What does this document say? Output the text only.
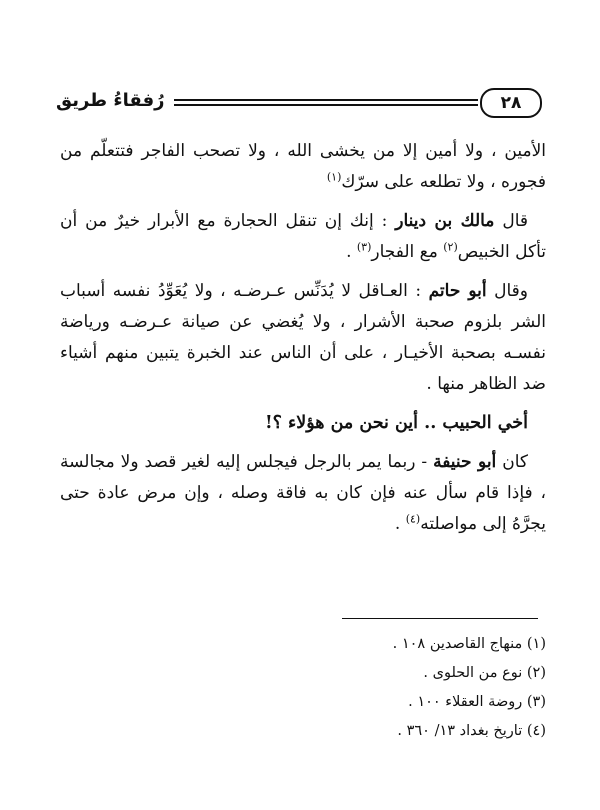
٢٨
رُفقاءُ طريق

الأمين ، ولا أمين إلا من يخشى الله ، ولا تصحب الفاجر فتتعلّم من فجوره ، ولا تطلعه على سرّك$^{(١)}$

قال مالك بن دينار : إنك إن تنقل الحجارة مع الأبرار خيرٌ من أن تأكل الخبيص$^{(٢)}$ مع الفجار$^{(٣)}$ .

وقال أبو حاتم : العـاقل لا يُدَنِّس عـرضـه ، ولا يُعَوِّدُ نفسه أسباب الشر بلزوم صحبة الأشرار ، ولا يُغضي عن صيانة عـرضـه ورياضة نفسـه بصحبة الأخيـار ، على أن الناس عند الخبرة يتبين منهم أشياء ضد الظاهر منها .

أخي الحبيب .. أين نحن من هؤلاء ؟!

كان أبو حنيفة - ربما يمر بالرجل فيجلس إليه لغير قصد ولا مجالسة ، فإذا قام سأل عنه فإن كان به فاقة وصله ، وإن مرض عادة حتى يجرَّهُ إلى مواصلته$^{(٤)}$ .

(١) منهاج القاصدين ١٠٨ .
(٢) نوع من الحلوى .
(٣) روضة العقلاء ١٠٠ .
(٤) تاريخ بغداد ١٣/ ٣٦٠ .
